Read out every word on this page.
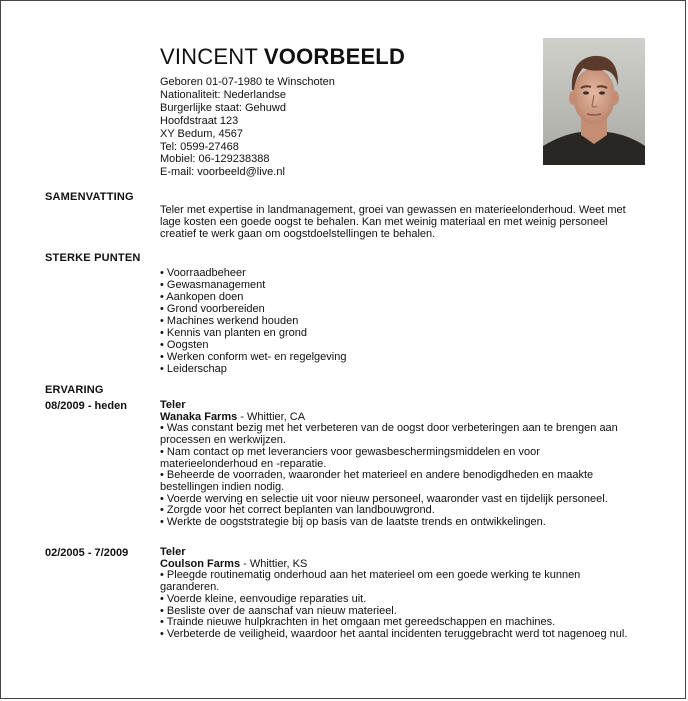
VINCENT VOORBEELD
Geboren 01-07-1980 te Winschoten
Nationaliteit: Nederlandse
Burgerlijke staat: Gehuwd
Hoofdstraat 123
XY Bedum, 4567
Tel: 0599-27468
Mobiel: 06-129238388
E-mail: voorbeeld@live.nl
SAMENVATTING
Teler met expertise in landmanagement, groei van gewassen en materieelonderhoud. Weet met lage kosten een goede oogst te behalen. Kan met weinig materiaal en met weinig personeel creatief te werk gaan om oogstdoelstellingen te behalen.
STERKE PUNTEN
• Voorraadbeheer
• Gewasmanagement
• Aankopen doen
• Grond voorbereiden
• Machines werkend houden
• Kennis van planten en grond
• Oogsten
• Werken conform wet- en regelgeving
• Leiderschap
ERVARING
08/2009 - heden	Teler
Wanaka Farms - Whittier, CA
• Was constant bezig met het verbeteren van de oogst door verbeteringen aan te brengen aan processen en werkwijzen.
• Nam contact op met leveranciers voor gewasbeschermingsmiddelen en voor materieelonderhoud en -reparatie.
• Beheerde de voorraden, waaronder het materieel en andere benodigdheden en maakte bestellingen indien nodig.
• Voerde werving en selectie uit voor nieuw personeel, waaronder vast en tijdelijk personeel.
• Zorgde voor het correct beplanten van landbouwgrond.
• Werkte de oogststrategie bij op basis van de laatste trends en ontwikkelingen.
02/2005 - 7/2009	Teler
Coulson Farms - Whittier, KS
• Pleegde routinematig onderhoud aan het materieel om een goede werking te kunnen garanderen.
• Voerde kleine, eenvoudige reparaties uit.
• Besliste over de aanschaf van nieuw materieel.
• Trainde nieuwe hulpkrachten in het omgaan met gereedschappen en machines.
• Verbeterde de veiligheid, waardoor het aantal incidenten teruggebracht werd tot nagenoeg nul.
